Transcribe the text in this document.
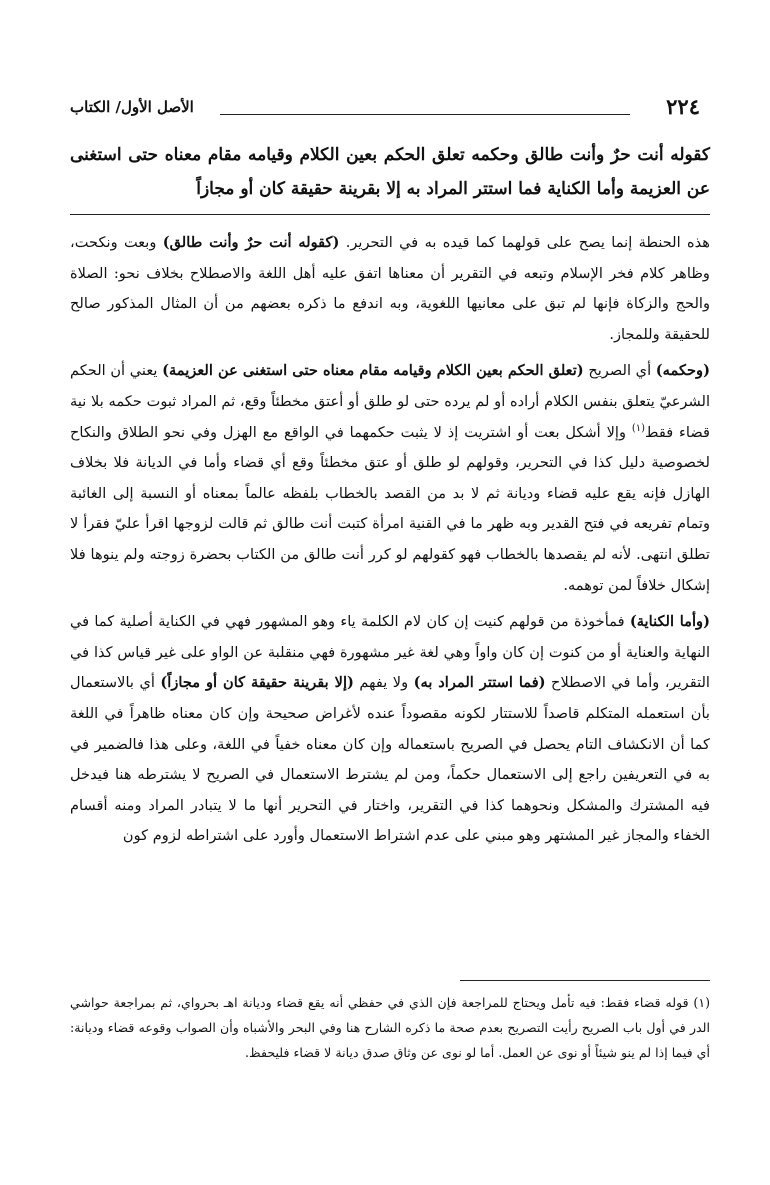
٢٢٤
الأصل الأول/ الكتاب
كقوله أنت حرٌ وأنت طالق وحكمه تعلق الحكم بعين الكلام وقيامه مقام معناه حتى استغنى عن العزيمة وأما الكناية فما استتر المراد به إلا بقرينة حقيقة كان أو مجازاً

هذه الحنطة إنما يصح على قولهما كما قيده به في التحرير. (كقوله أنت حرٌ وأنت طالق) وبعت ونكحت، وظاهر كلام فخر الإسلام وتبعه في التقرير أن معناها اتفق عليه أهل اللغة والاصطلاح بخلاف نحو: الصلاة والحج والزكاة فإنها لم تبق على معانيها اللغوية، وبه اندفع ما ذكره بعضهم من أن المثال المذكور صالح للحقيقة وللمجاز.

(وحكمه) أي الصريح (تعلق الحكم بعين الكلام وقيامه مقام معناه حتى استغنى عن العزيمة) يعني أن الحكم الشرعيّ يتعلق بنفس الكلام أراده أو لم يرده حتى لو طلق أو أعتق مخطئاً وقع، ثم المراد ثبوت حكمه بلا نية قضاء فقط$^{(١)}$ وإلا أشكل بعت أو اشتريت إذ لا يثبت حكمهما في الواقع مع الهزل وفي نحو الطلاق والنكاح لخصوصية دليل كذا في التحرير، وقولهم لو طلق أو عتق مخطئاً وقع أي قضاء وأما في الديانة فلا بخلاف الهازل فإنه يقع عليه قضاء وديانة ثم لا بد من القصد بالخطاب بلفظه عالماً بمعناه أو النسبة إلى الغائبة وتمام تفريعه في فتح القدير وبه ظهر ما في القنية امرأة كتبت أنت طالق ثم قالت لزوجها اقرأ عليّ فقرأ لا تطلق انتهى. لأنه لم يقصدها بالخطاب فهو كقولهم لو كرر أنت طالق من الكتاب بحضرة زوجته ولم ينوها فلا إشكال خلافاً لمن توهمه.

(وأما الكناية) فمأخوذة من قولهم كنيت إن كان لام الكلمة ياء وهو المشهور فهي في الكناية أصلية كما في النهاية والعناية أو من كنوت إن كان واواً وهي لغة غير مشهورة فهي منقلبة عن الواو على غير قياس كذا في التقرير، وأما في الاصطلاح (فما استتر المراد به) ولا يفهم (إلا بقرينة حقيقة كان أو مجازاً) أي بالاستعمال بأن استعمله المتكلم قاصداً للاستتار لكونه مقصوداً عنده لأغراض صحيحة وإن كان معناه ظاهراً في اللغة كما أن الانكشاف التام يحصل في الصريح باستعماله وإن كان معناه خفياً في اللغة، وعلى هذا فالضمير في به في التعريفين راجع إلى الاستعمال حكماً، ومن لم يشترط الاستعمال في الصريح لا يشترطه هنا فيدخل فيه المشترك والمشكل ونحوهما كذا في التقرير، واختار في التحرير أنها ما لا يتبادر المراد ومنه أقسام الخفاء والمجاز غير المشتهر وهو مبني على عدم اشتراط الاستعمال وأورد على اشتراطه لزوم كون

(١) قوله قضاء فقط: فيه تأمل ويحتاج للمراجعة فإن الذي في حفظي أنه يقع قضاء وديانة اهـ بحرواي، ثم بمراجعة حواشي الدر في أول باب الصريح رأيت التصريح بعدم صحة ما ذكره الشارح هنا وفي البحر والأشباه وأن الصواب وقوعه قضاء وديانة: أي فيما إذا لم ينو شيئاً أو نوى عن العمل. أما لو نوى عن وثاق صدق ديانة لا قضاء فليحفظ.
